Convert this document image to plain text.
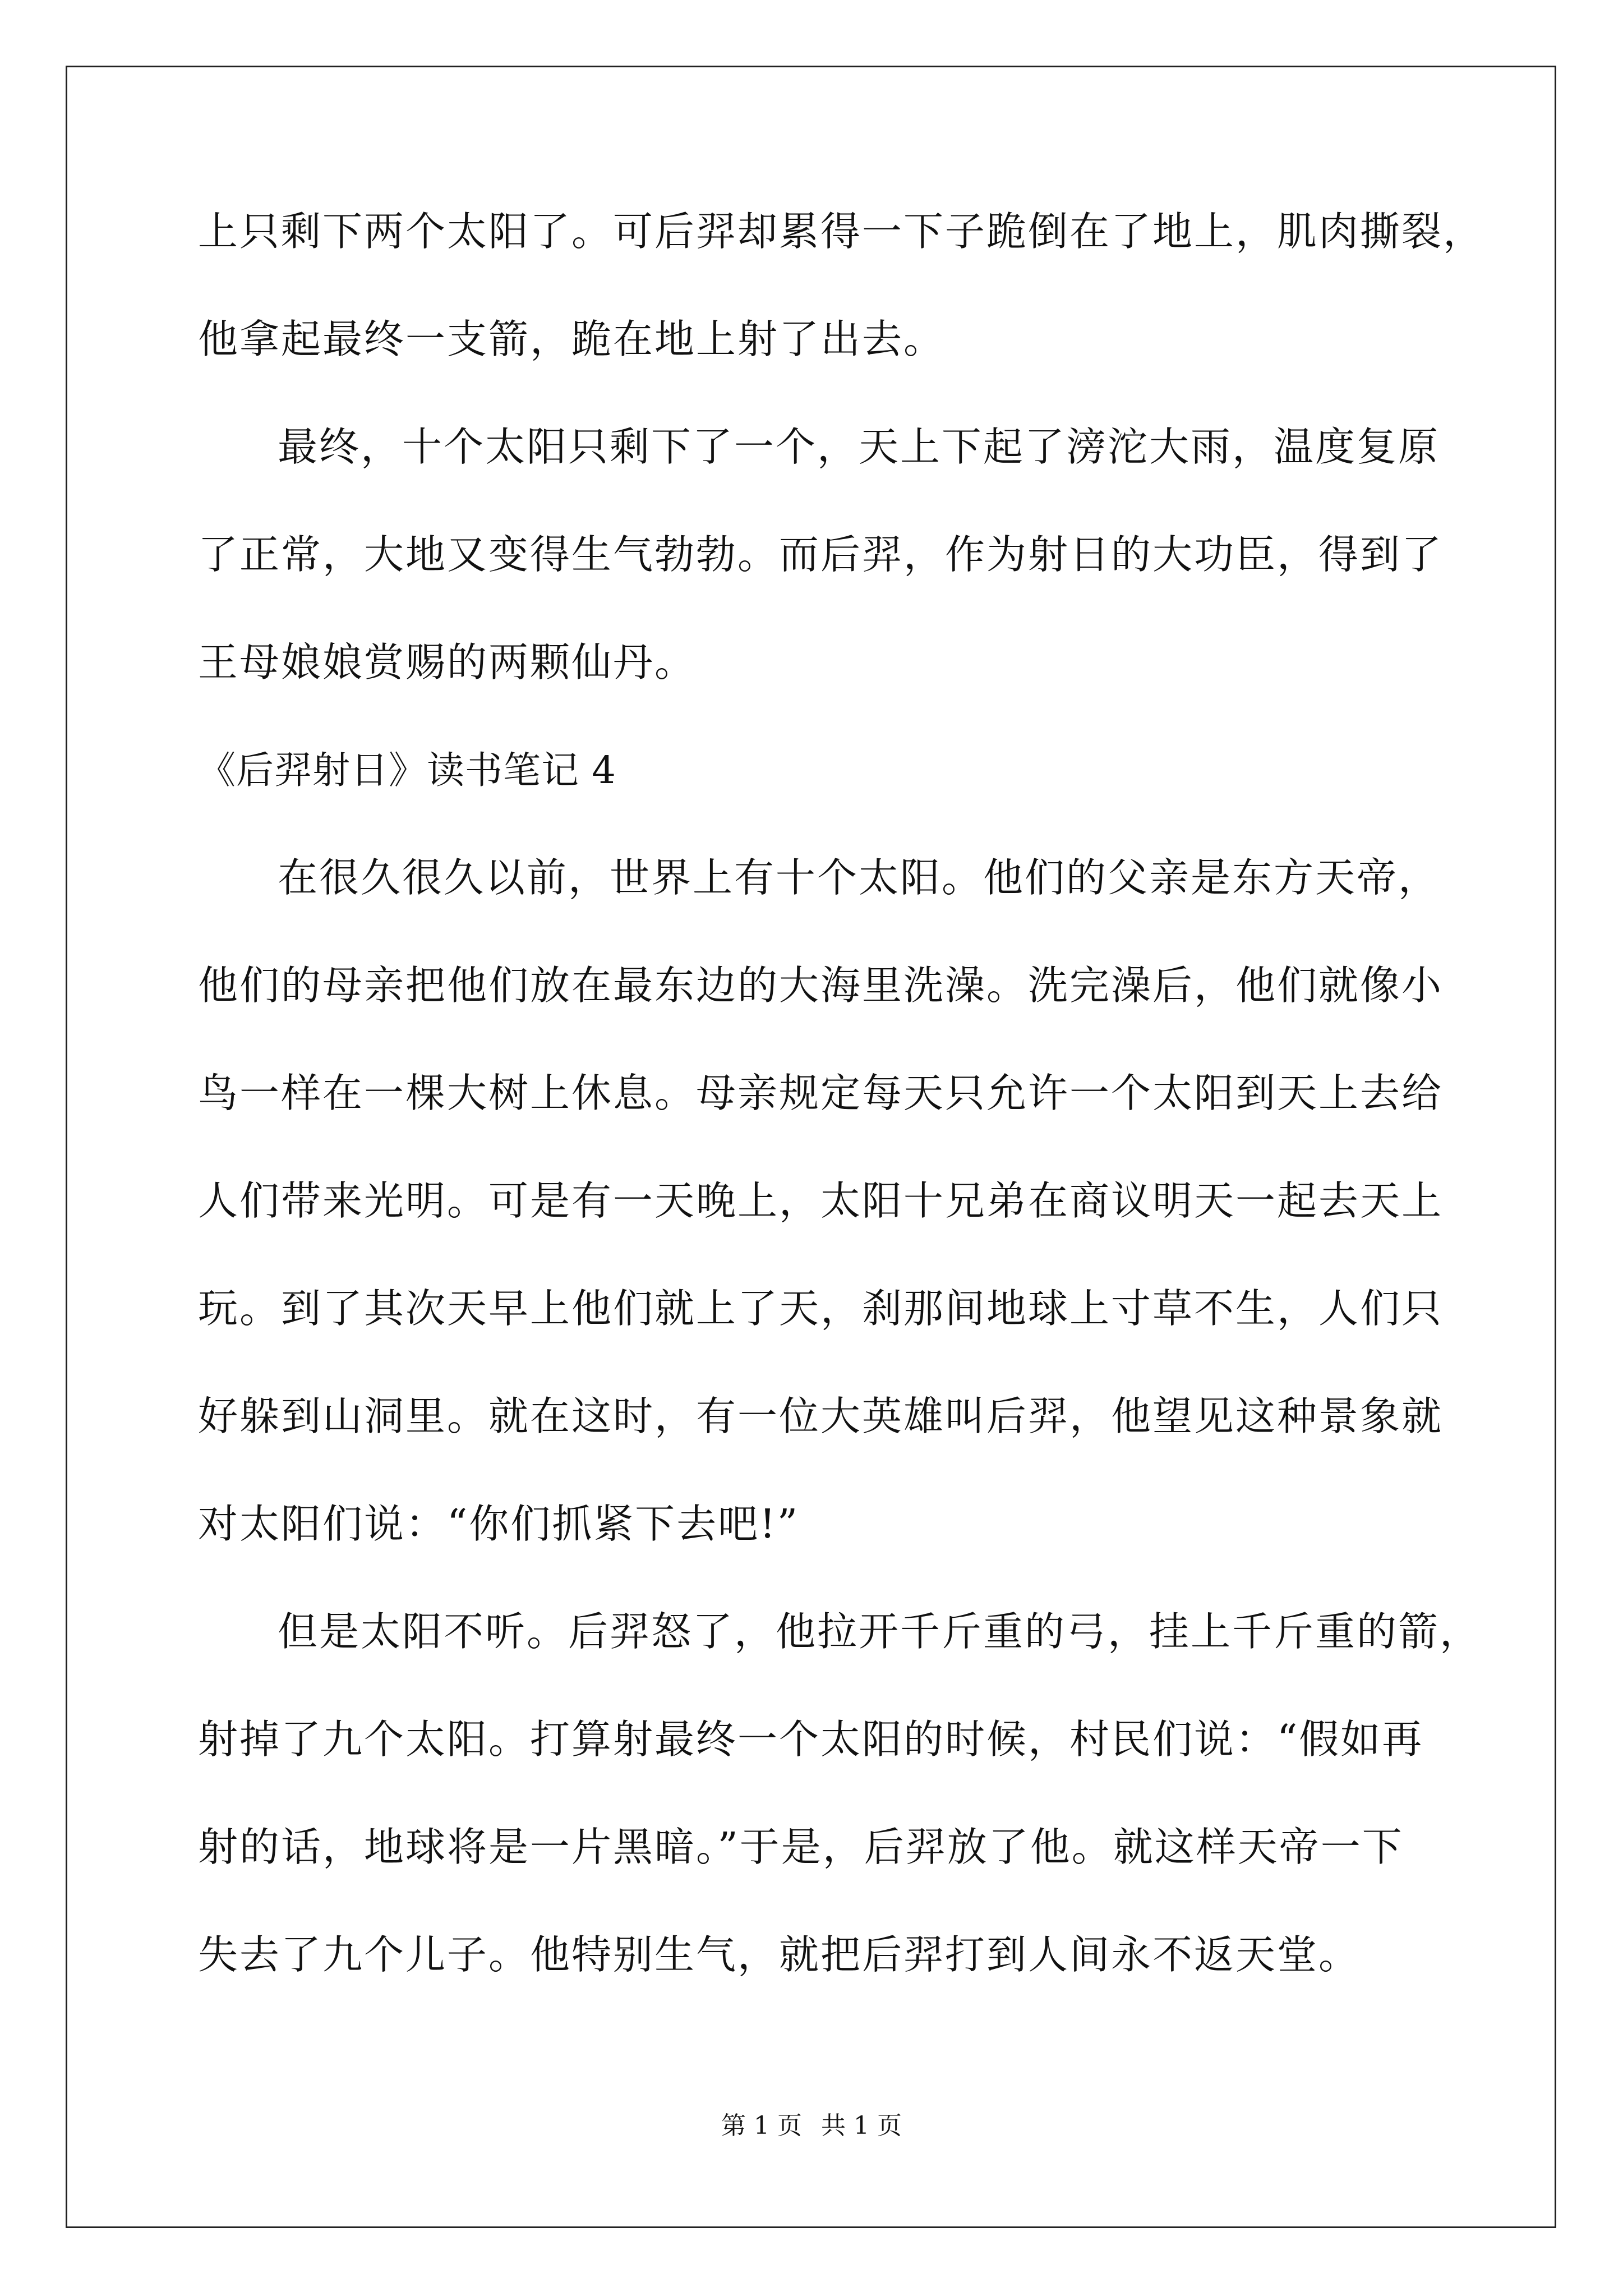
上只剩下两个太阳了。可后羿却累得一下子跪倒在了地上，肌肉撕裂，
他拿起最终一支箭，跪在地上射了出去。
最终，十个太阳只剩下了一个，天上下起了滂沱大雨，温度复原
了正常，大地又变得生气勃勃。而后羿，作为射日的大功臣，得到了
王母娘娘赏赐的两颗仙丹。
《后羿射日》读书笔记 4
在很久很久以前，世界上有十个太阳。他们的父亲是东方天帝，
他们的母亲把他们放在最东边的大海里洗澡。洗完澡后，他们就像小
鸟一样在一棵大树上休息。母亲规定每天只允许一个太阳到天上去给
人们带来光明。可是有一天晚上，太阳十兄弟在商议明天一起去天上
玩。到了其次天早上他们就上了天，刹那间地球上寸草不生，人们只
好躲到山洞里。就在这时，有一位大英雄叫后羿，他望见这种景象就
对太阳们说：“你们抓紧下去吧!”
但是太阳不听。后羿怒了，他拉开千斤重的弓，挂上千斤重的箭，
射掉了九个太阳。打算射最终一个太阳的时候，村民们说：“假如再
射的话，地球将是一片黑暗。”于是，后羿放了他。就这样天帝一下
失去了九个儿子。他特别生气，就把后羿打到人间永不返天堂。
第 1 页 共 1 页
